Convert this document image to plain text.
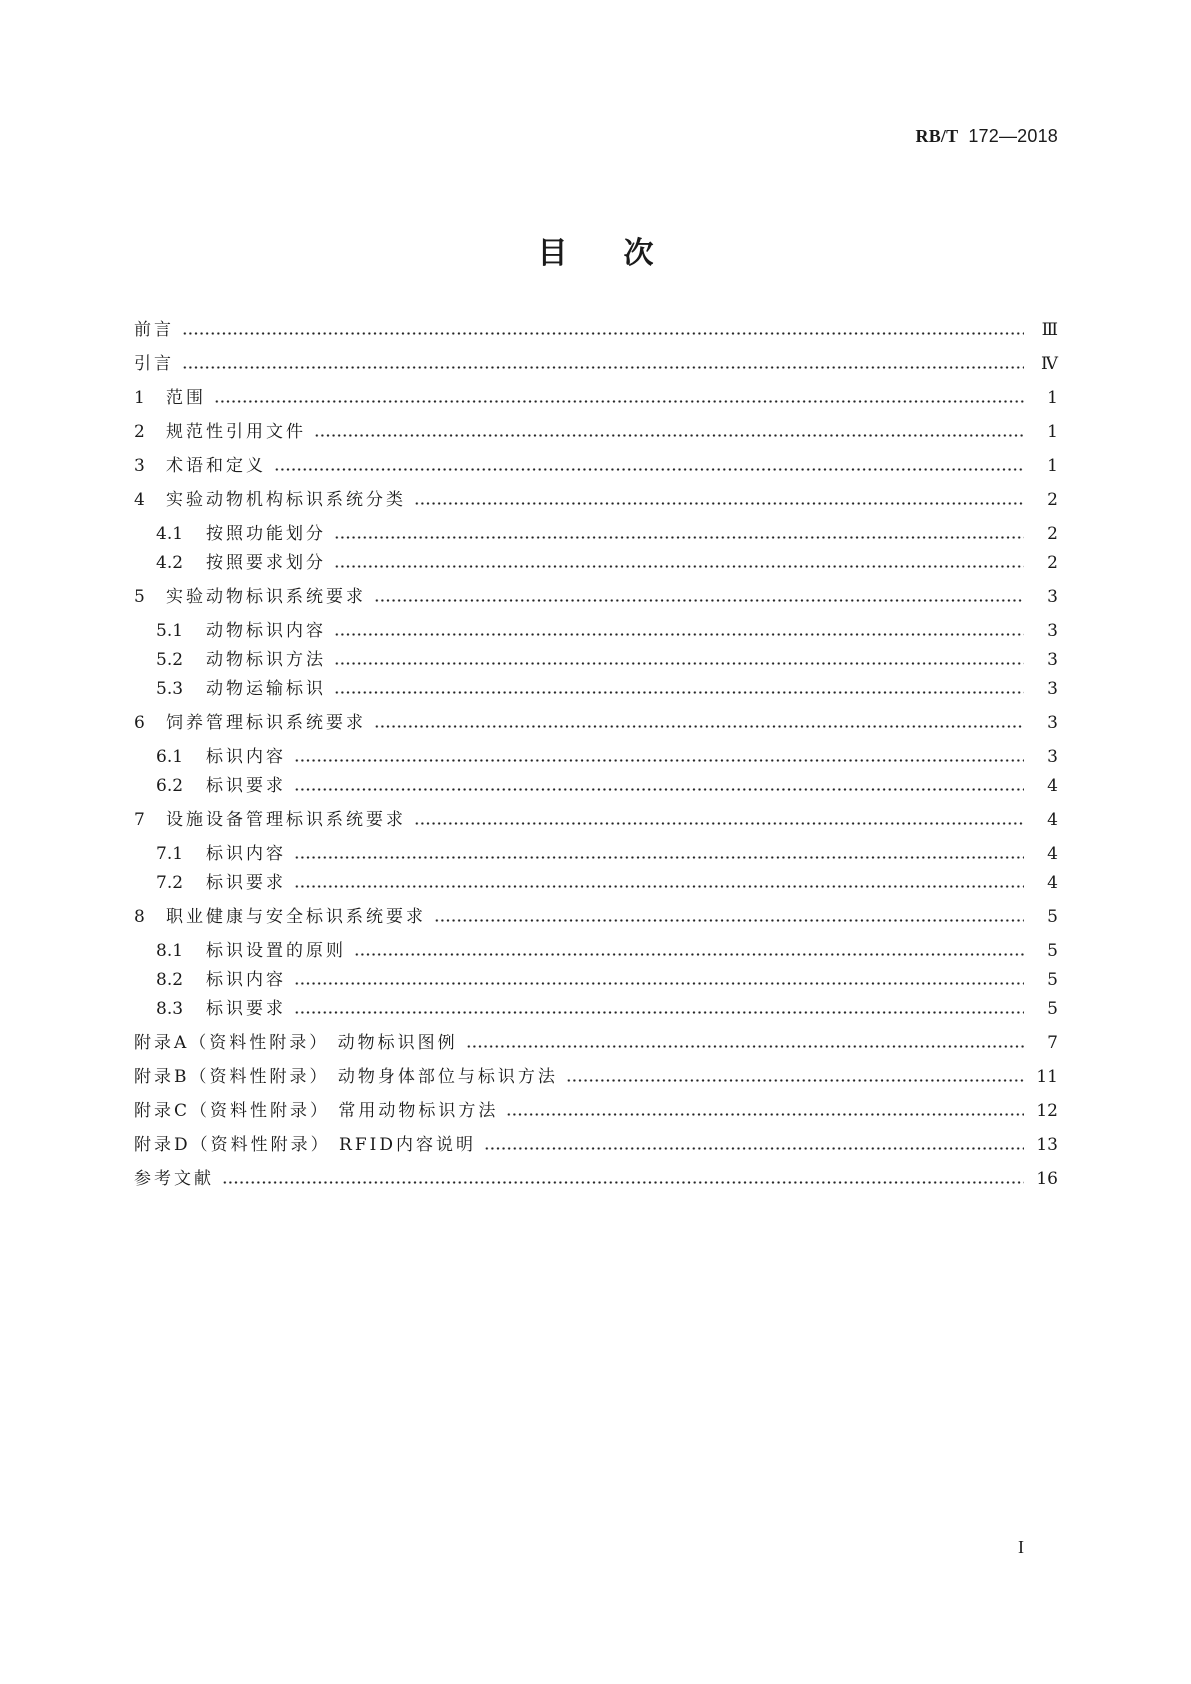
RB/T 172—2018
目次
前言	Ⅲ
引言	Ⅳ
1	范围	1
2	规范性引用文件	1
3	术语和定义	1
4	实验动物机构标识系统分类	2
4.1	按照功能划分	2
4.2	按照要求划分	2
5	实验动物标识系统要求	3
5.1	动物标识内容	3
5.2	动物标识方法	3
5.3	动物运输标识	3
6	饲养管理标识系统要求	3
6.1	标识内容	3
6.2	标识要求	4
7	设施设备管理标识系统要求	4
7.1	标识内容	4
7.2	标识要求	4
8	职业健康与安全标识系统要求	5
8.1	标识设置的原则	5
8.2	标识内容	5
8.3	标识要求	5
附录A（资料性附录） 动物标识图例	7
附录B（资料性附录） 动物身体部位与标识方法	11
附录C（资料性附录） 常用动物标识方法	12
附录D（资料性附录） RFID内容说明	13
参考文献	16
I
